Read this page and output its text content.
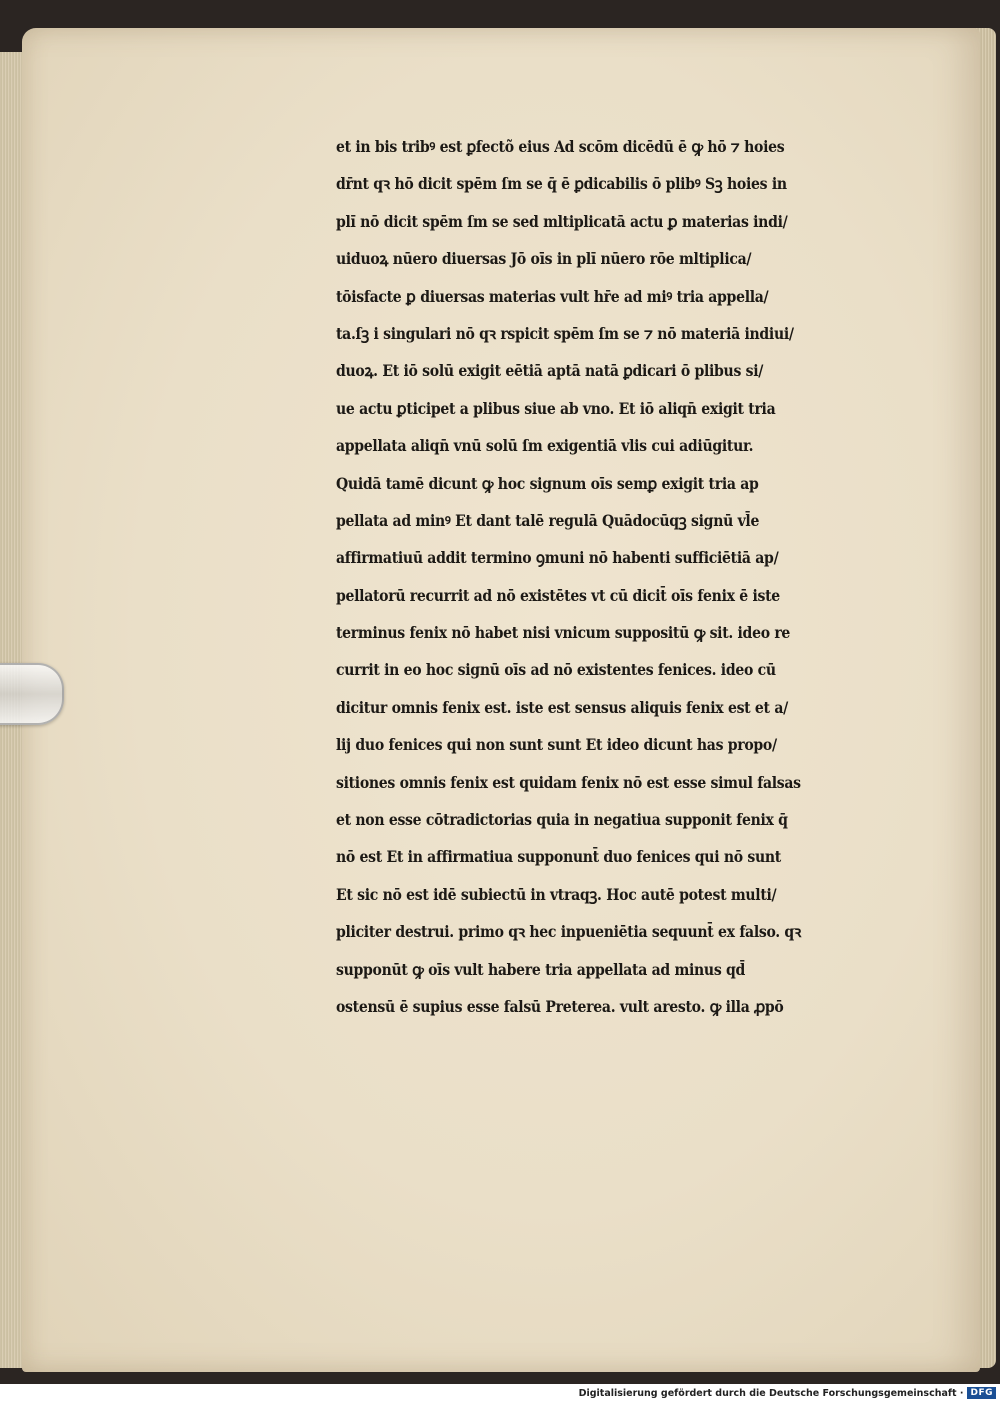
et in bis tribꝰ est ꝑfectõ eius Ad scōm dicēdū ē ꝙ hō ⁊ hoies
dr̄nt qꝛ hō dicit spēm ſm se q̄ ē ꝑdicabilis ō plibꝰ Sꝫ hoies in
plı̄ nō dicit spēm ſm se sed mltiplicatā actu ꝑ materias indi/
uiduoꝝ nūero diuersas Jō oīs in plı̄ nūero rōe mltiplica/
tōisfacte ꝑ diuersas materias vult hr̄e ad miꝰ tria appella/
ta.ſꝫ i singulari nō qꝛ rspicit spēm ſm se ⁊ nō materiā indiui/
duoꝝ. Et iō solū exigit eētiā aptā natā ꝑdicari ō plibus si/
ue actu ꝑticipet a plibus siue ab vno. Et iō aliqn̄ exigit tria
appellata aliqn̄ vnū solū ſm exigentiā vlis cui adiūgitur.
Quidā tamē dicunt ꝙ hoc signum oīs semꝑ exigit tria ap
pellata ad minꝰ Et dant talē regulā Quādocūqꝫ signū vl̄e
affirmatiuū addit termino ꝯmuni nō habenti sufficiētiā ap/
pellatorū recurrit ad nō existētes vt cū dicit̄ oīs fenix ē iste
terminus fenix nō habet nisi vnicum suppositū ꝙ sit. ideo re
currit in eo hoc signū oīs ad nō existentes fenices. ideo cū
dicitur omnis fenix est. iste est sensus aliquis fenix est et a/
lij duo fenices qui non sunt sunt Et ideo dicunt has propo/
sitiones omnis fenix est quidam fenix nō est esse simul falsas
et non esse cōtradictorias quia in negatiua supponit fenix q̄
nō est Et in affirmatiua supponunt̄ duo fenices qui nō sunt
Et sic nō est idē subiectū in vtraqꝫ. Hoc autē potest multi/
pliciter destrui. primo qꝛ hec inpueniētia sequunt̄ ex falso. qꝛ
supponūt ꝙ oīs vult habere tria appellata ad minus qd̄
ostensū ē supius esse falsū Preterea. vult aresto. ꝙ illa ꝓpō
Digitalisierung gefördert durch die Deutsche Forschungsgemeinschaft · DFG
